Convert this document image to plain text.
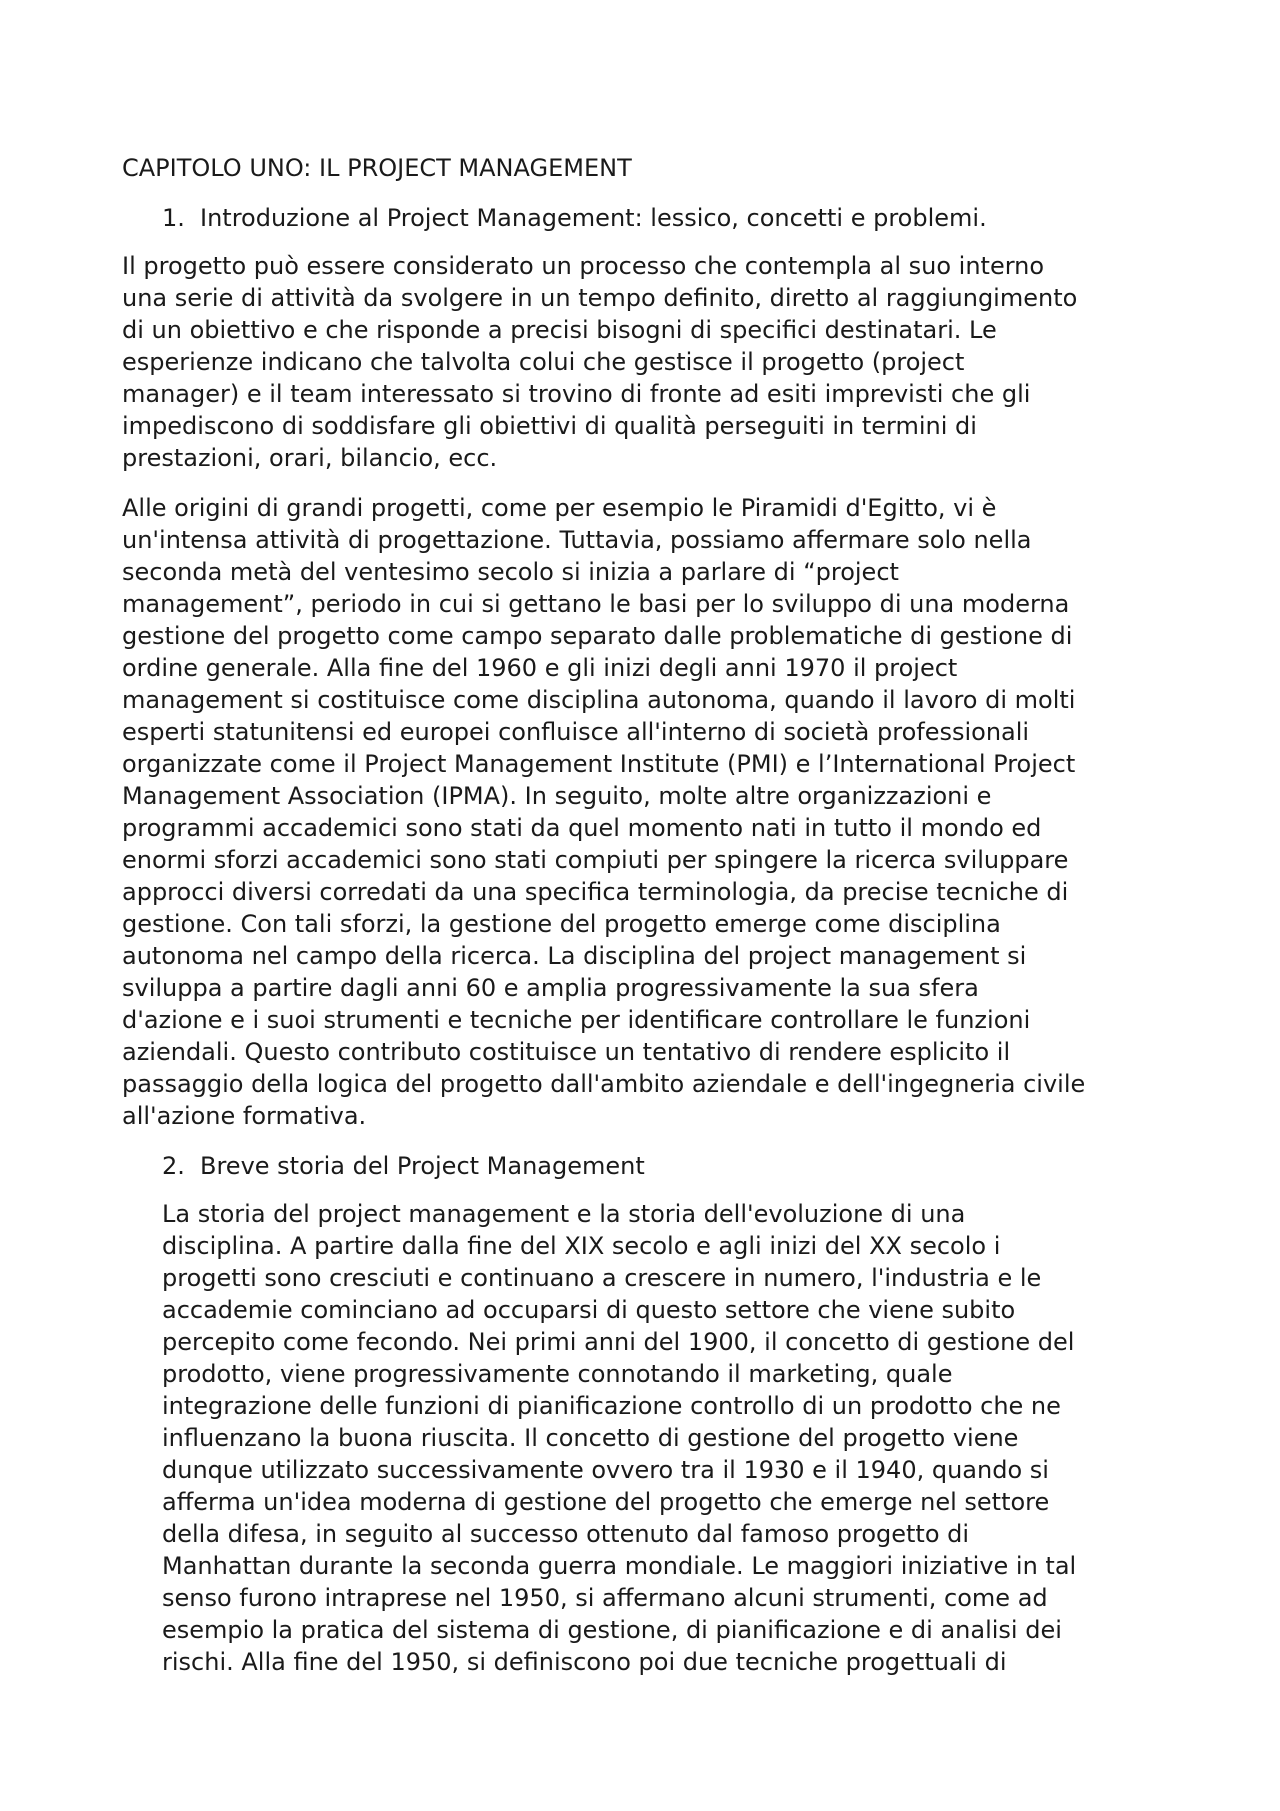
CAPITOLO UNO: IL PROJECT MANAGEMENT
1. Introduzione al Project Management: lessico, concetti e problemi.
Il progetto può essere considerato un processo che contempla al suo interno
una serie di attività da svolgere in un tempo definito, diretto al raggiungimento
di un obiettivo e che risponde a precisi bisogni di specifici destinatari. Le
esperienze indicano che talvolta colui che gestisce il progetto (project
manager) e il team interessato si trovino di fronte ad esiti imprevisti che gli
impediscono di soddisfare gli obiettivi di qualità perseguiti in termini di
prestazioni, orari, bilancio, ecc.
Alle origini di grandi progetti, come per esempio le Piramidi d'Egitto, vi è
un'intensa attività di progettazione. Tuttavia, possiamo affermare solo nella
seconda metà del ventesimo secolo si inizia a parlare di “project
management”, periodo in cui si gettano le basi per lo sviluppo di una moderna
gestione del progetto come campo separato dalle problematiche di gestione di
ordine generale. Alla fine del 1960 e gli inizi degli anni 1970 il project
management si costituisce come disciplina autonoma, quando il lavoro di molti
esperti statunitensi ed europei confluisce all'interno di società professionali
organizzate come il Project Management Institute (PMI) e l’International Project
Management Association (IPMA). In seguito, molte altre organizzazioni e
programmi accademici sono stati da quel momento nati in tutto il mondo ed
enormi sforzi accademici sono stati compiuti per spingere la ricerca sviluppare
approcci diversi corredati da una specifica terminologia, da precise tecniche di
gestione. Con tali sforzi, la gestione del progetto emerge come disciplina
autonoma nel campo della ricerca. La disciplina del project management si
sviluppa a partire dagli anni 60 e amplia progressivamente la sua sfera
d'azione e i suoi strumenti e tecniche per identificare controllare le funzioni
aziendali. Questo contributo costituisce un tentativo di rendere esplicito il
passaggio della logica del progetto dall'ambito aziendale e dell'ingegneria civile
all'azione formativa.
2. Breve storia del Project Management
La storia del project management e la storia dell'evoluzione di una
disciplina. A partire dalla fine del XIX secolo e agli inizi del XX secolo i
progetti sono cresciuti e continuano a crescere in numero, l'industria e le
accademie cominciano ad occuparsi di questo settore che viene subito
percepito come fecondo. Nei primi anni del 1900, il concetto di gestione del
prodotto, viene progressivamente connotando il marketing, quale
integrazione delle funzioni di pianificazione controllo di un prodotto che ne
influenzano la buona riuscita. Il concetto di gestione del progetto viene
dunque utilizzato successivamente ovvero tra il 1930 e il 1940, quando si
afferma un'idea moderna di gestione del progetto che emerge nel settore
della difesa, in seguito al successo ottenuto dal famoso progetto di
Manhattan durante la seconda guerra mondiale. Le maggiori iniziative in tal
senso furono intraprese nel 1950, si affermano alcuni strumenti, come ad
esempio la pratica del sistema di gestione, di pianificazione e di analisi dei
rischi. Alla fine del 1950, si definiscono poi due tecniche progettuali di
